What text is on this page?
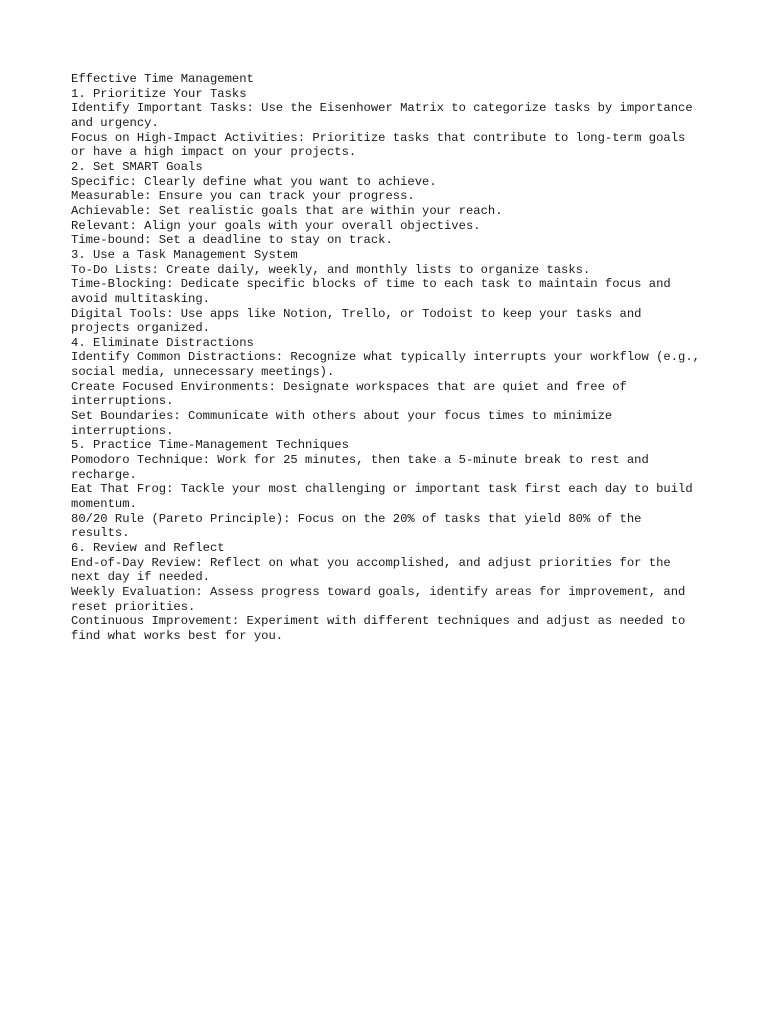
Effective Time Management

1. Prioritize Your Tasks

Identify Important Tasks: Use the Eisenhower Matrix to categorize tasks by importance and urgency.

Focus on High-Impact Activities: Prioritize tasks that contribute to long-term goals or have a high impact on your projects.

2. Set SMART Goals

Specific: Clearly define what you want to achieve.

Measurable: Ensure you can track your progress.

Achievable: Set realistic goals that are within your reach.

Relevant: Align your goals with your overall objectives.

Time-bound: Set a deadline to stay on track.

3. Use a Task Management System

To-Do Lists: Create daily, weekly, and monthly lists to organize tasks.

Time-Blocking: Dedicate specific blocks of time to each task to maintain focus and avoid multitasking.

Digital Tools: Use apps like Notion, Trello, or Todoist to keep your tasks and projects organized.

4. Eliminate Distractions

Identify Common Distractions: Recognize what typically interrupts your workflow (e.g., social media, unnecessary meetings).

Create Focused Environments: Designate workspaces that are quiet and free of interruptions.

Set Boundaries: Communicate with others about your focus times to minimize interruptions.

5. Practice Time-Management Techniques

Pomodoro Technique: Work for 25 minutes, then take a 5-minute break to rest and recharge.

Eat That Frog: Tackle your most challenging or important task first each day to build momentum.

80/20 Rule (Pareto Principle): Focus on the 20% of tasks that yield 80% of the results.

6. Review and Reflect

End-of-Day Review: Reflect on what you accomplished, and adjust priorities for the next day if needed.

Weekly Evaluation: Assess progress toward goals, identify areas for improvement, and reset priorities.

Continuous Improvement: Experiment with different techniques and adjust as needed to find what works best for you.
